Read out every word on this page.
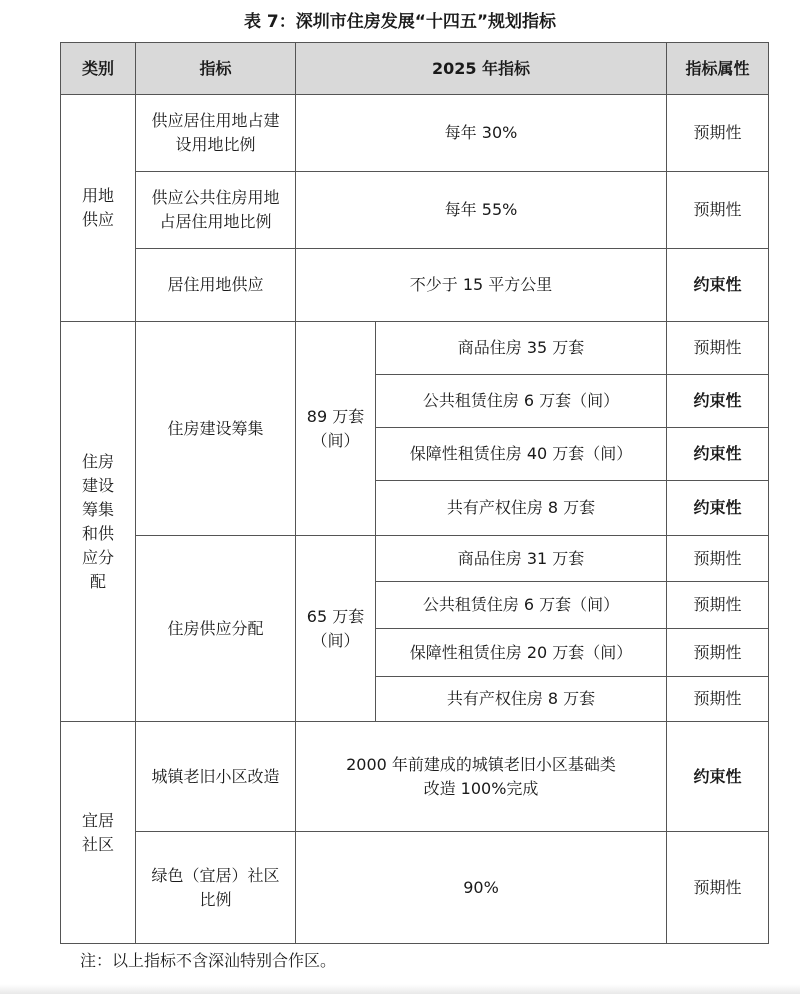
表 7：深圳市住房发展“十四五”规划指标
类别	指标	2025 年指标		指标属性

用地供应	供应居住用地占建设用地比例	每年 30%		预期性

	供应公共住房用地占居住用地比例	每年 55%		预期性
	居住用地供应	不少于 15 平方公里		约束性

住房建设筹集和供应分配	住房建设筹集	89 万套（间）	商品住房 35 万套	预期性
			公共租赁住房 6 万套（间）	约束性
			保障性租赁住房 40 万套（间）	约束性
			共有产权住房 8 万套	约束性
	住房供应分配	65 万套（间）	商品住房 31 万套	预期性
			公共租赁住房 6 万套（间）	预期性
			保障性租赁住房 20 万套（间）	预期性
			共有产权住房 8 万套	预期性

宜居社区	城镇老旧小区改造	2000 年前建成的城镇老旧小区基础类改造 100%完成		约束性

	绿色（宜居）社区比例	90%		预期性
注：以上指标不含深汕特别合作区。
